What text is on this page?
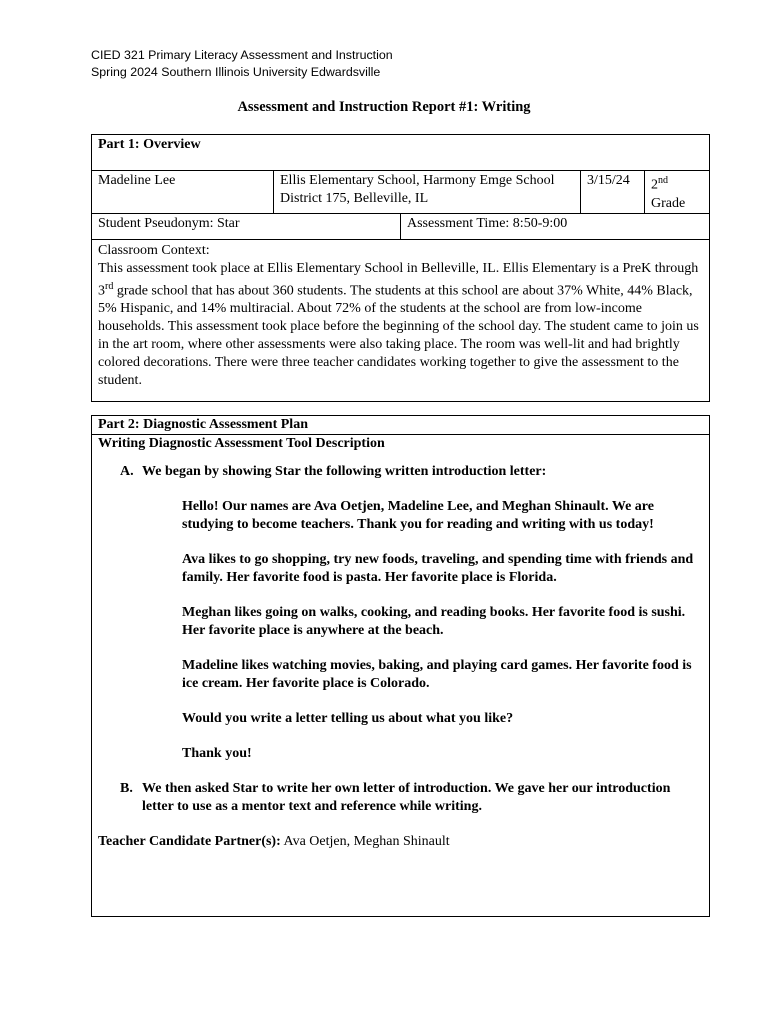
CIED 321 Primary Literacy Assessment and Instruction
Spring 2024 Southern Illinois University Edwardsville
Assessment and Instruction Report #1: Writing
Part 1: Overview				
Madeline Lee	Ellis Elementary School, Harmony Emge School District 175, Belleville, IL		3/15/24	2nd
Grade
Student Pseudonym: Star		Assessment Time: 8:50-9:00		

Classroom Context:
This assessment took place at Ellis Elementary School in Belleville, IL. Ellis Elementary is a PreK through 3rd grade school that has about 360 students. The students at this school are about 37% White, 44% Black, 5% Hispanic, and 14% multiracial. About 72% of the students at the school are from low-income households. This assessment took place before the beginning of the school day. The student came to join us in the art room, where other assessments were also taking place. The room was well-lit and had brightly colored decorations. There were three teacher candidates working together to give the assessment to the student.				
Part 2: Diagnostic Assessment Plan

Writing Diagnostic Assessment Tool Description
A. We began by showing Star the following written introduction letter:

Hello! Our names are Ava Oetjen, Madeline Lee, and Meghan Shinault. We are studying to become teachers. Thank you for reading and writing with us today!

Ava likes to go shopping, try new foods, traveling, and spending time with friends and family. Her favorite food is pasta. Her favorite place is Florida.

Meghan likes going on walks, cooking, and reading books. Her favorite food is sushi. Her favorite place is anywhere at the beach.

Madeline likes watching movies, baking, and playing card games. Her favorite food is ice cream. Her favorite place is Colorado.

Would you write a letter telling us about what you like?

Thank you!

B. We then asked Star to write her own letter of introduction. We gave her our introduction letter to use as a mentor text and reference while writing.
Teacher Candidate Partner(s): Ava Oetjen, Meghan Shinault
